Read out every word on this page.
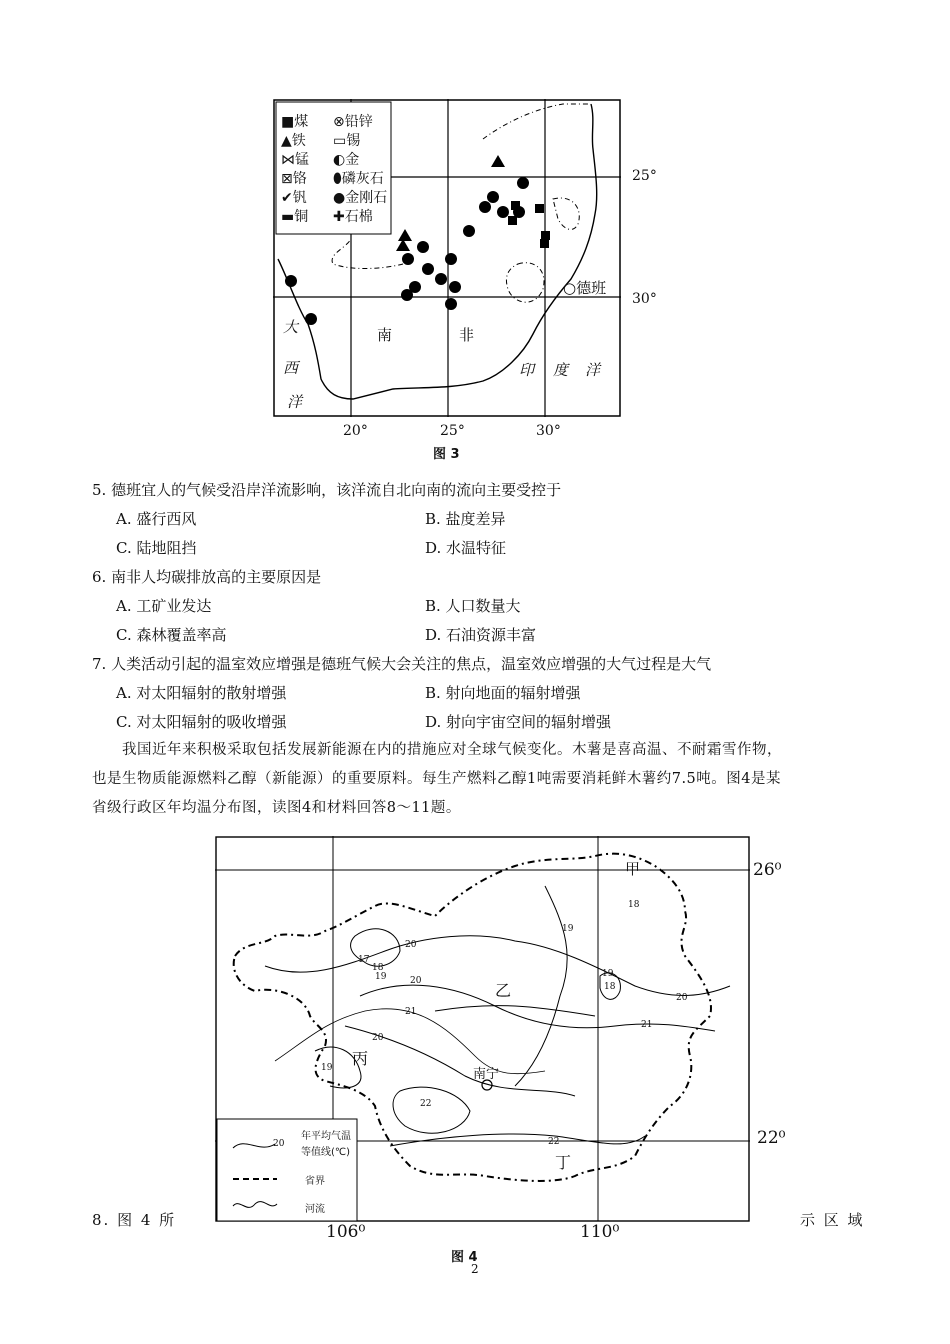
■煤
▲铁
⋈锰
⊠铬
✔钒
▬铜
⊗铅锌
▭锡
◐金
⬮磷灰石
●金刚石
✚石棉
○德班
南	非
大
西
洋
印 度 洋
25°
30°
20°	25°	30°
图 3
5. 德班宜人的气候受沿岸洋流影响，该洋流自北向南的流向主要受控于
A. 盛行西风	B. 盐度差异
C. 陆地阻挡	D. 水温特征
6. 南非人均碳排放高的主要原因是
A. 工矿业发达	B. 人口数量大
C. 森林覆盖率高	D. 石油资源丰富
7. 人类活动引起的温室效应增强是德班气候大会关注的焦点，温室效应增强的大气过程是大气
A. 对太阳辐射的散射增强	B. 射向地面的辐射增强
C. 对太阳辐射的吸收增强	D. 射向宇宙空间的辐射增强
我国近年来积极采取包括发展新能源在内的措施应对全球气候变化。木薯是喜高温、不耐霜雪作物，
也是生物质能源燃料乙醇（新能源）的重要原料。每生产燃料乙醇1吨需要消耗鲜木薯约7.5吨。图4是某
省级行政区年均温分布图，读图4和材料回答8～11题。
甲
乙
丙
丁
南宁
17
18
19
20
20
21
20
19
18
19
18
19
20
21
22
22
20
年平均气温
等值线(℃)
省界
河流
26⁰
22⁰
106⁰	110⁰
8. 图 4 所	示 区 域
图 4
2
